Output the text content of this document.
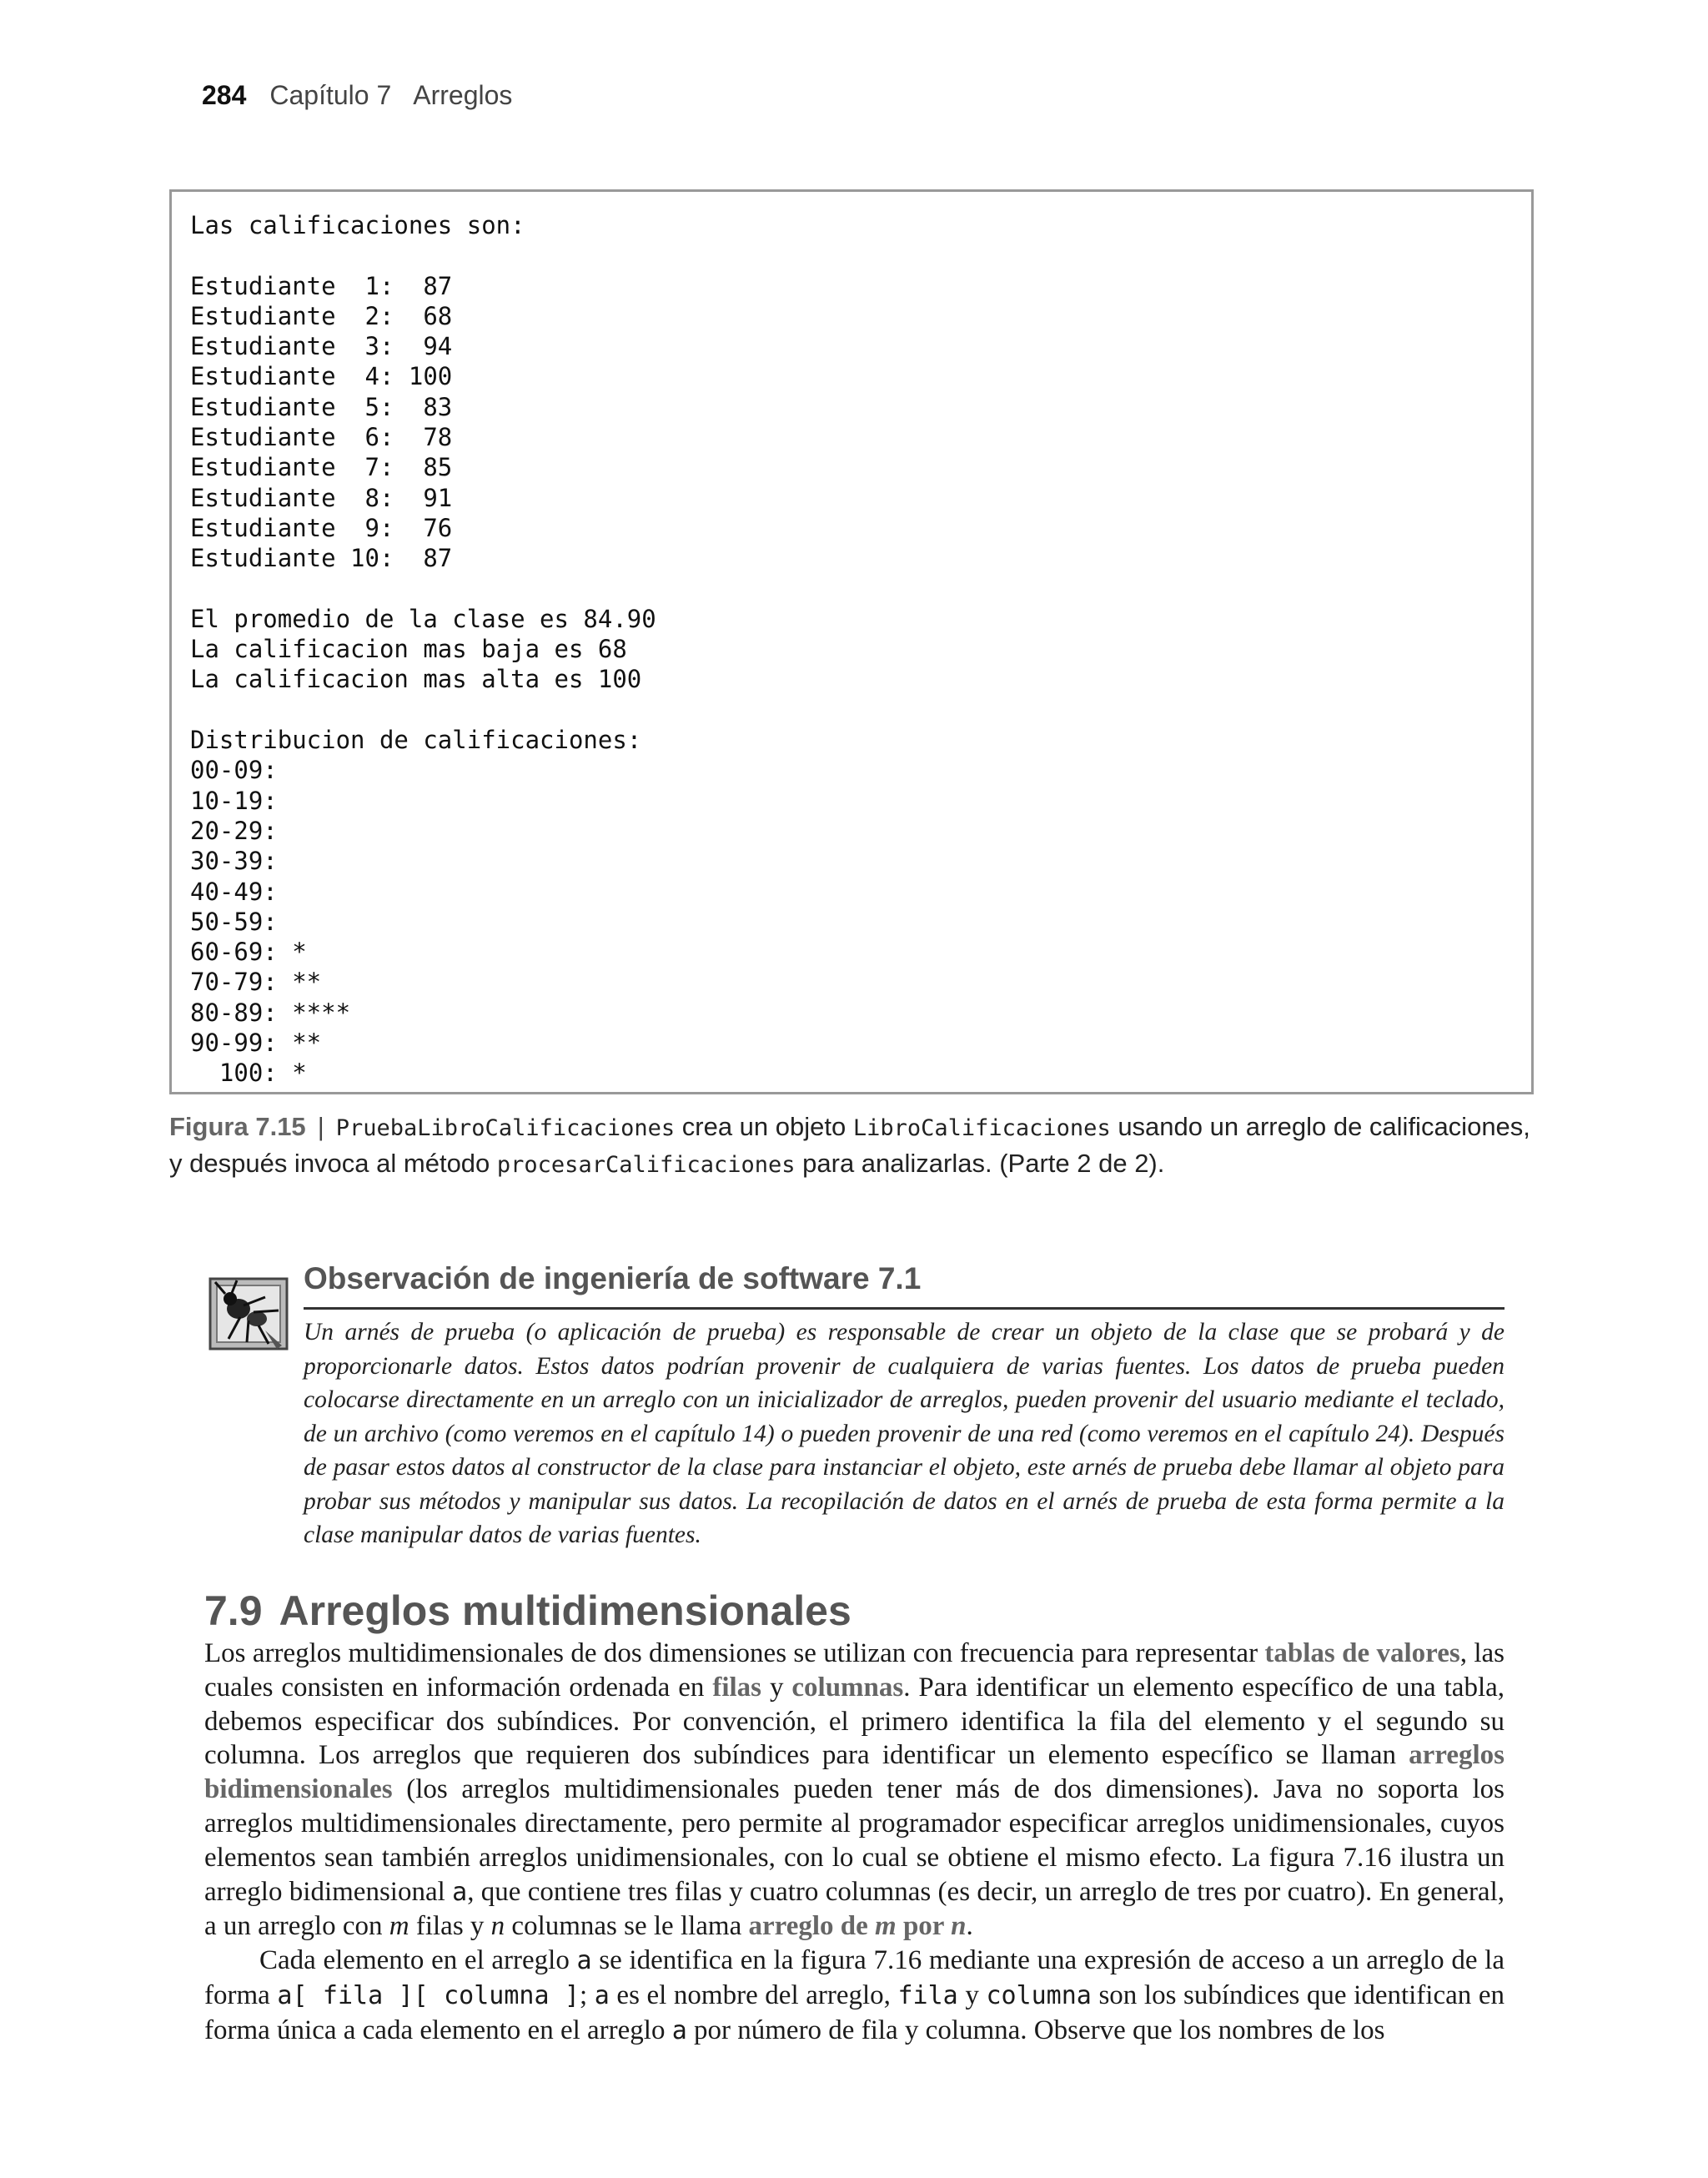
284 Capítulo 7 Arreglos
Las calificaciones son:

Estudiante  1:  87
Estudiante  2:  68
Estudiante  3:  94
Estudiante  4: 100
Estudiante  5:  83
Estudiante  6:  78
Estudiante  7:  85
Estudiante  8:  91
Estudiante  9:  76
Estudiante 10:  87

El promedio de la clase es 84.90
La calificacion mas baja es 68
La calificacion mas alta es 100

Distribucion de calificaciones:
00-09:
10-19:
20-29:
30-39:
40-49:
50-59:
60-69: *
70-79: **
80-89: ****
90-99: **
100: *
Figura 7.15 | PruebaLibroCalificaciones crea un objeto LibroCalificaciones usando un arreglo de calificaciones, y después invoca al método procesarCalificaciones para analizarlas. (Parte 2 de 2).
Observación de ingeniería de software 7.1
Un arnés de prueba (o aplicación de prueba) es responsable de crear un objeto de la clase que se probará y de proporcionarle datos. Estos datos podrían provenir de cualquiera de varias fuentes. Los datos de prueba pueden colocarse directamente en un arreglo con un inicializador de arreglos, pueden provenir del usuario mediante el teclado, de un archivo (como veremos en el capítulo 14) o pueden provenir de una red (como veremos en el capítulo 24). Después de pasar estos datos al constructor de la clase para instanciar el objeto, este arnés de prueba debe llamar al objeto para probar sus métodos y manipular sus datos. La recopilación de datos en el arnés de prueba de esta forma permite a la clase manipular datos de varias fuentes.
7.9 Arreglos multidimensionales

Los arreglos multidimensionales de dos dimensiones se utilizan con frecuencia para representar tablas de valores, las cuales consisten en información ordenada en filas y columnas. Para identificar un elemento específico de una tabla, debemos especificar dos subíndices. Por convención, el primero identifica la fila del elemento y el segundo su columna. Los arreglos que requieren dos subíndices para identificar un elemento específico se llaman arreglos bidimensionales (los arreglos multidimensionales pueden tener más de dos dimensiones). Java no soporta los arreglos multidimensionales directamente, pero permite al programador especificar arreglos unidimensionales, cuyos elementos sean también arreglos unidimensionales, con lo cual se obtiene el mismo efecto. La figura 7.16 ilustra un arreglo bidimensional a, que contiene tres filas y cuatro columnas (es decir, un arreglo de tres por cuatro). En general, a un arreglo con m filas y n columnas se le llama arreglo de m por n.

Cada elemento en el arreglo a se identifica en la figura 7.16 mediante una expresión de acceso a un arreglo de la forma a[ fila ][ columna ]; a es el nombre del arreglo, fila y columna son los subíndices que identifican en forma única a cada elemento en el arreglo a por número de fila y columna. Observe que los nombres de los
